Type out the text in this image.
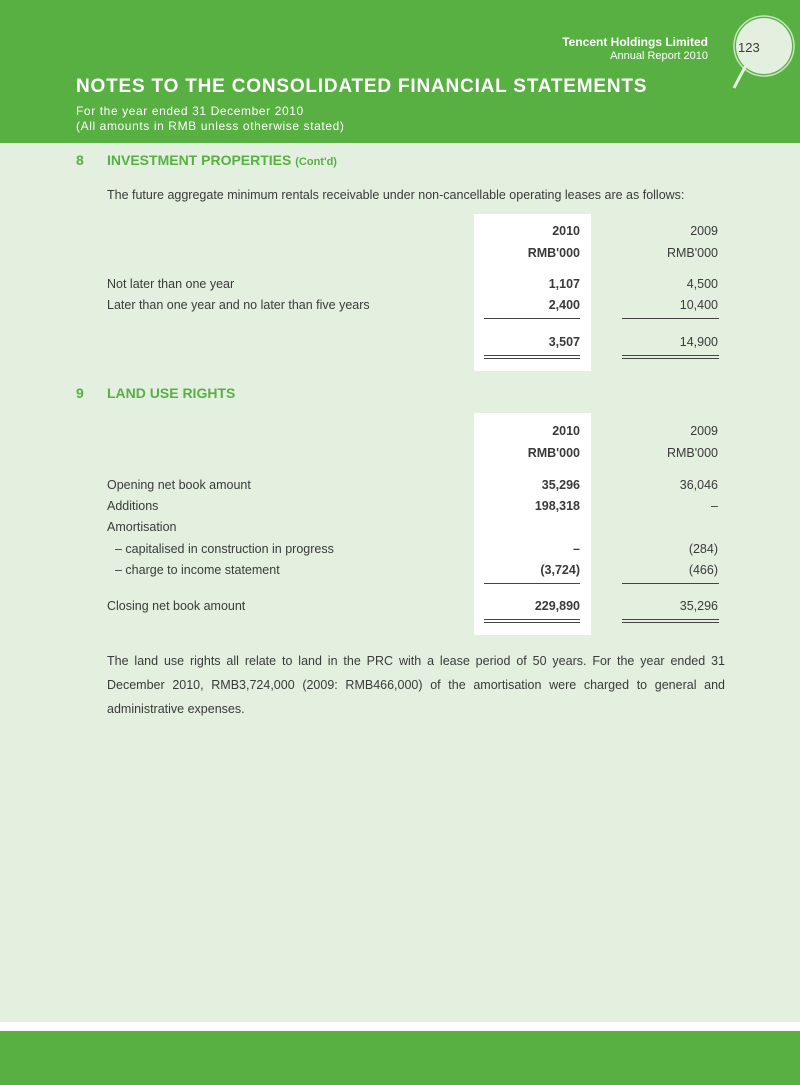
Tencent Holdings Limited
Annual Report 2010
123
NOTES TO THE CONSOLIDATED FINANCIAL STATEMENTS
For the year ended 31 December 2010
(All amounts in RMB unless otherwise stated)
8 INVESTMENT PROPERTIES (Cont'd)
The future aggregate minimum rentals receivable under non-cancellable operating leases are as follows:
2010	2009
RMB'000	RMB'000
Not later than one year	1,107	4,500
Later than one year and no later than five years	2,400	10,400
3,507	14,900
9 LAND USE RIGHTS
2010	2009
RMB'000	RMB'000
Opening net book amount	35,296	36,046
Additions	198,318	–
Amortisation
– capitalised in construction in progress	–	(284)
– charge to income statement	(3,724)	(466)
Closing net book amount	229,890	35,296
The land use rights all relate to land in the PRC with a lease period of 50 years. For the year ended 31 December 2010, RMB3,724,000 (2009: RMB466,000) of the amortisation were charged to general and administrative expenses.
